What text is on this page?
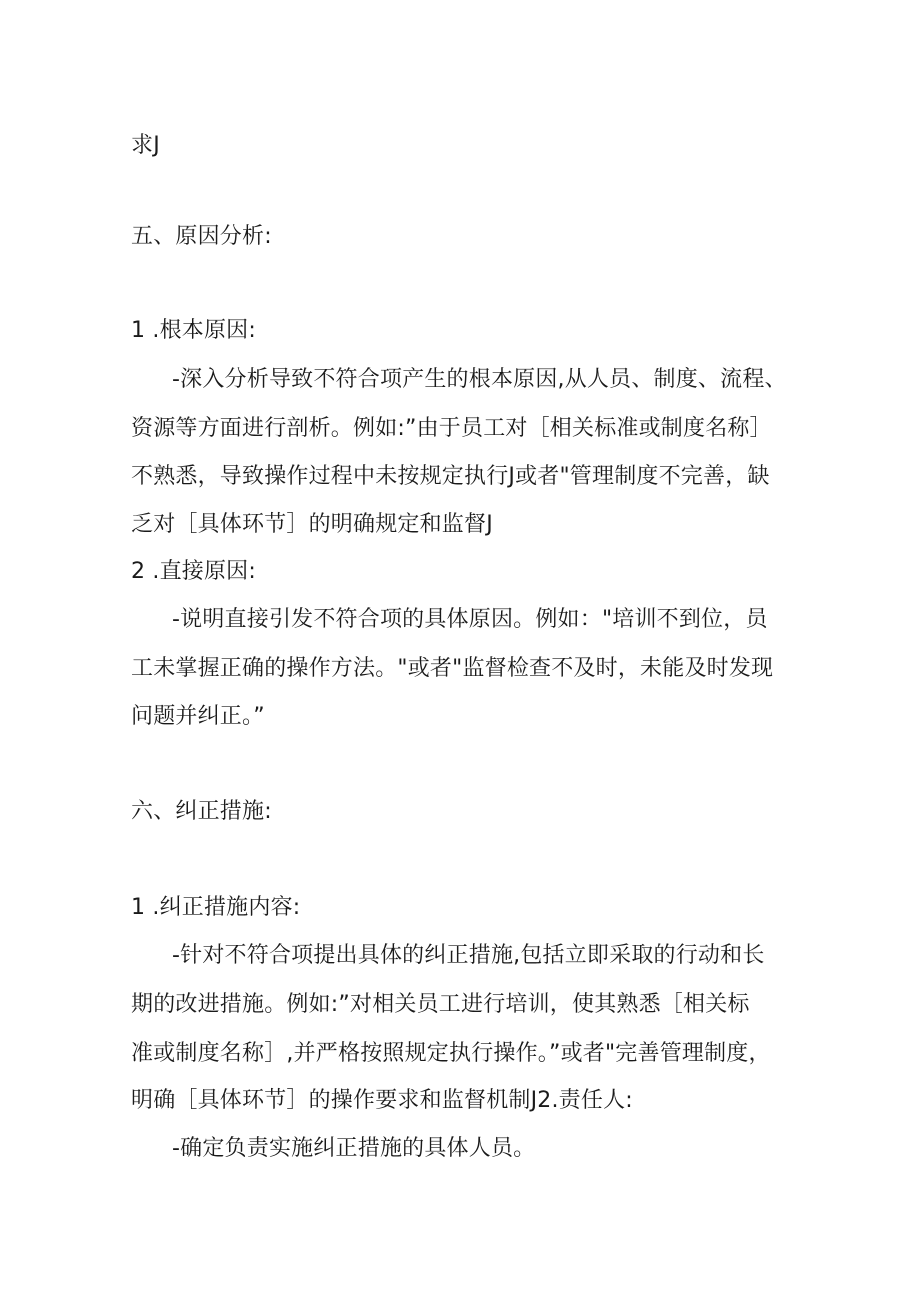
求J
五、原因分析:
1 .根本原因:
-深入分析导致不符合项产生的根本原因,从人员、制度、流程、
资源等方面进行剖析。例如:”由于员工对［相关标准或制度名称］
不熟悉，导致操作过程中未按规定执行J或者"管理制度不完善，缺
乏对［具体环节］的明确规定和监督J
2 .直接原因:
-说明直接引发不符合项的具体原因。例如："培训不到位，员
工未掌握正确的操作方法。"或者"监督检查不及时，未能及时发现
问题并纠正。”
六、纠正措施:
1 .纠正措施内容:
-针对不符合项提出具体的纠正措施,包括立即采取的行动和长
期的改进措施。例如:”对相关员工进行培训，使其熟悉［相关标
准或制度名称］,并严格按照规定执行操作。”或者"完善管理制度，
明确［具体环节］的操作要求和监督机制J2.责任人:
-确定负责实施纠正措施的具体人员。
